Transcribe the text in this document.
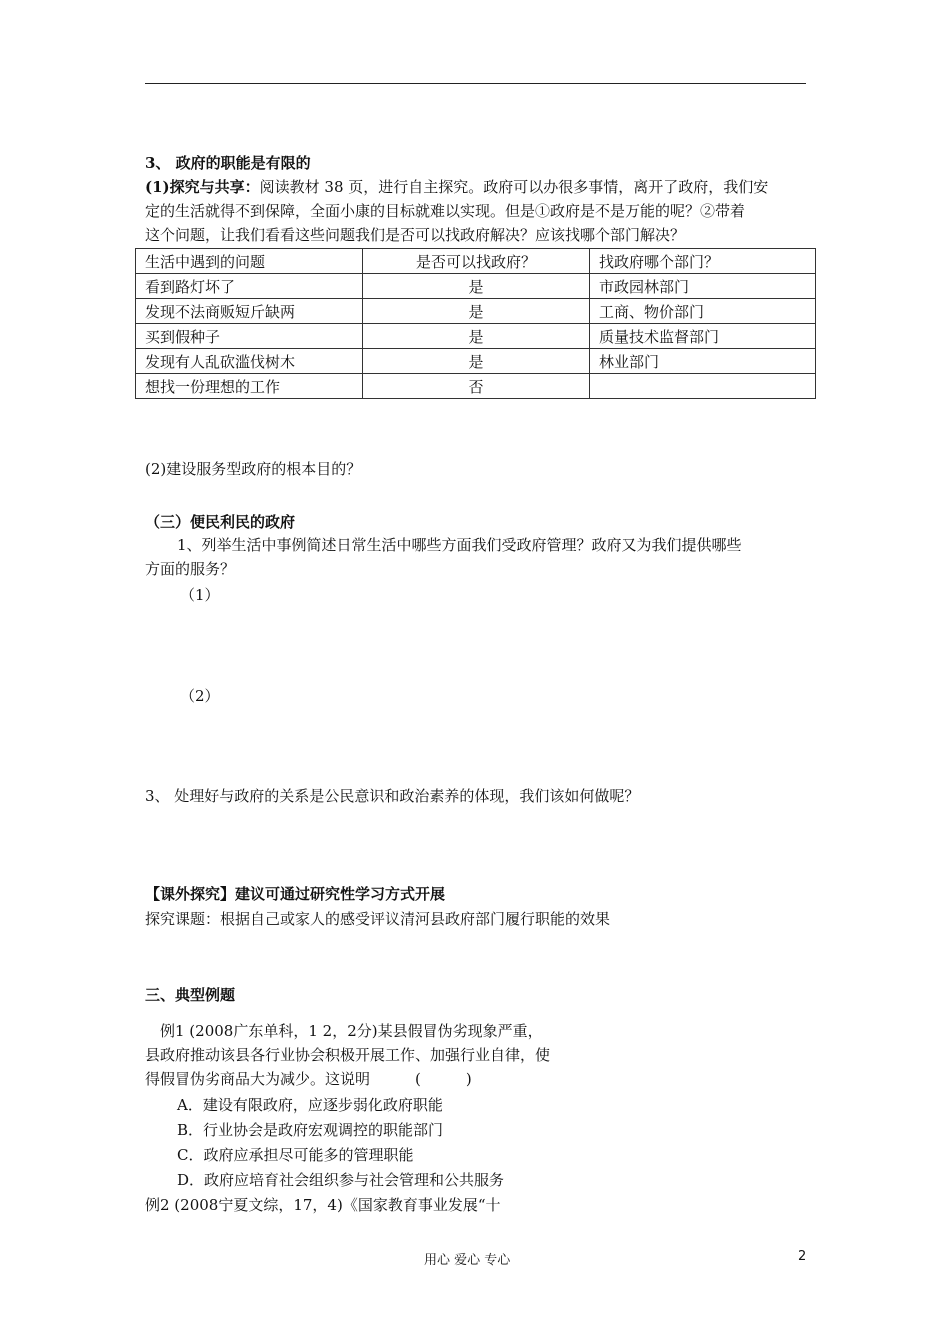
3、 政府的职能是有限的
(1)探究与共享：阅读教材 38 页，进行自主探究。政府可以办很多事情，离开了政府，我们安
定的生活就得不到保障，全面小康的目标就难以实现。但是①政府是不是万能的呢？②带着
这个问题，让我们看看这些问题我们是否可以找政府解决？应该找哪个部门解决？
生活中遇到的问题	是否可以找政府？	找政府哪个部门？
看到路灯坏了	是	市政园林部门
发现不法商贩短斤缺两	是	工商、物价部门
买到假种子	是	质量技术监督部门
发现有人乱砍滥伐树木	是	林业部门
想找一份理想的工作	否	
(2)建设服务型政府的根本目的？
（三）便民利民的政府
1、列举生活中事例简述日常生活中哪些方面我们受政府管理？政府又为我们提供哪些
方面的服务？
（1）
（2）
3、 处理好与政府的关系是公民意识和政治素养的体现，我们该如何做呢？
【课外探究】建议可通过研究性学习方式开展
探究课题：根据自己或家人的感受评议清河县政府部门履行职能的效果
三、典型例题
例1 (2008广东单科，1 2，2分)某县假冒伪劣现象严重，
县政府推动该县各行业协会积极开展工作、加强行业自律，使
得假冒伪劣商品大为减少。这说明　　　(　　　)
A．建设有限政府，应逐步弱化政府职能
B．行业协会是政府宏观调控的职能部门
C．政府应承担尽可能多的管理职能
D．政府应培育社会组织参与社会管理和公共服务
例2 (2008宁夏文综，17，4)《国家教育事业发展“十
用心 爱心 专心	2
